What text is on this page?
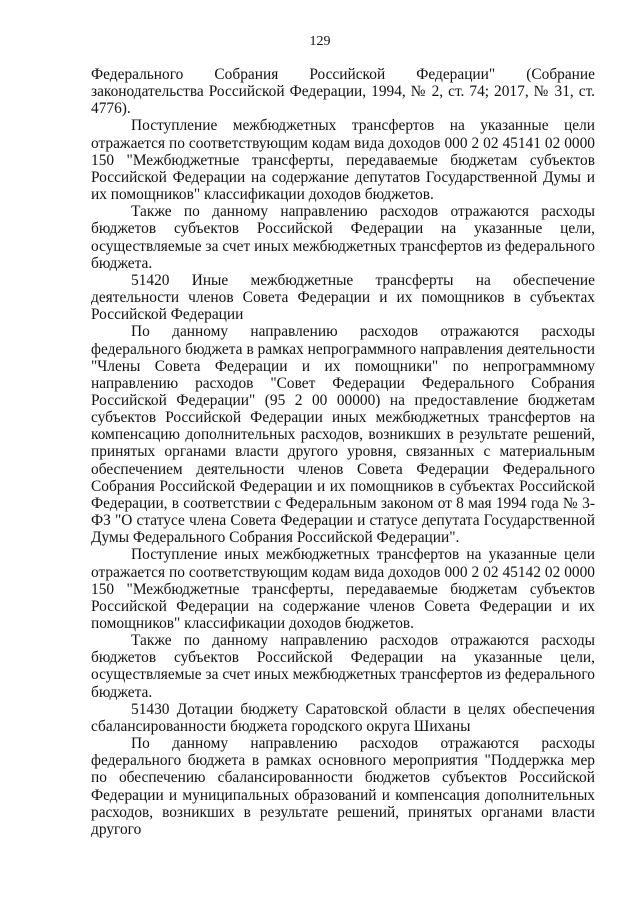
129

Федерального Собрания Российской Федерации" (Собрание законодательства Российской Федерации, 1994, № 2, ст. 74; 2017, № 31, ст. 4776).

Поступление межбюджетных трансфертов на указанные цели отражается по соответствующим кодам вида доходов 000 2 02 45141 02 0000 150 "Межбюджетные трансферты, передаваемые бюджетам субъектов Российской Федерации на содержание депутатов Государственной Думы и их помощников" классификации доходов бюджетов.

Также по данному направлению расходов отражаются расходы бюджетов субъектов Российской Федерации на указанные цели, осуществляемые за счет иных межбюджетных трансфертов из федерального бюджета.

51420 Иные межбюджетные трансферты на обеспечение деятельности членов Совета Федерации и их помощников в субъектах Российской Федерации

По данному направлению расходов отражаются расходы федерального бюджета в рамках непрограммного направления деятельности "Члены Совета Федерации и их помощники" по непрограммному направлению расходов "Совет Федерации Федерального Собрания Российской Федерации" (95 2 00 00000) на предоставление бюджетам субъектов Российской Федерации иных межбюджетных трансфертов на компенсацию дополнительных расходов, возникших в результате решений, принятых органами власти другого уровня, связанных с материальным обеспечением деятельности членов Совета Федерации Федерального Собрания Российской Федерации и их помощников в субъектах Российской Федерации, в соответствии с Федеральным законом от 8 мая 1994 года № 3-ФЗ "О статусе члена Совета Федерации и статусе депутата Государственной Думы Федерального Собрания Российской Федерации".

Поступление иных межбюджетных трансфертов на указанные цели отражается по соответствующим кодам вида доходов 000 2 02 45142 02 0000 150 "Межбюджетные трансферты, передаваемые бюджетам субъектов Российской Федерации на содержание членов Совета Федерации и их помощников" классификации доходов бюджетов.

Также по данному направлению расходов отражаются расходы бюджетов субъектов Российской Федерации на указанные цели, осуществляемые за счет иных межбюджетных трансфертов из федерального бюджета.

51430 Дотации бюджету Саратовской области в целях обеспечения сбалансированности бюджета городского округа Шиханы

По данному направлению расходов отражаются расходы федерального бюджета в рамках основного мероприятия "Поддержка мер по обеспечению сбалансированности бюджетов субъектов Российской Федерации и муниципальных образований и компенсация дополнительных расходов, возникших в результате решений, принятых органами власти другого
